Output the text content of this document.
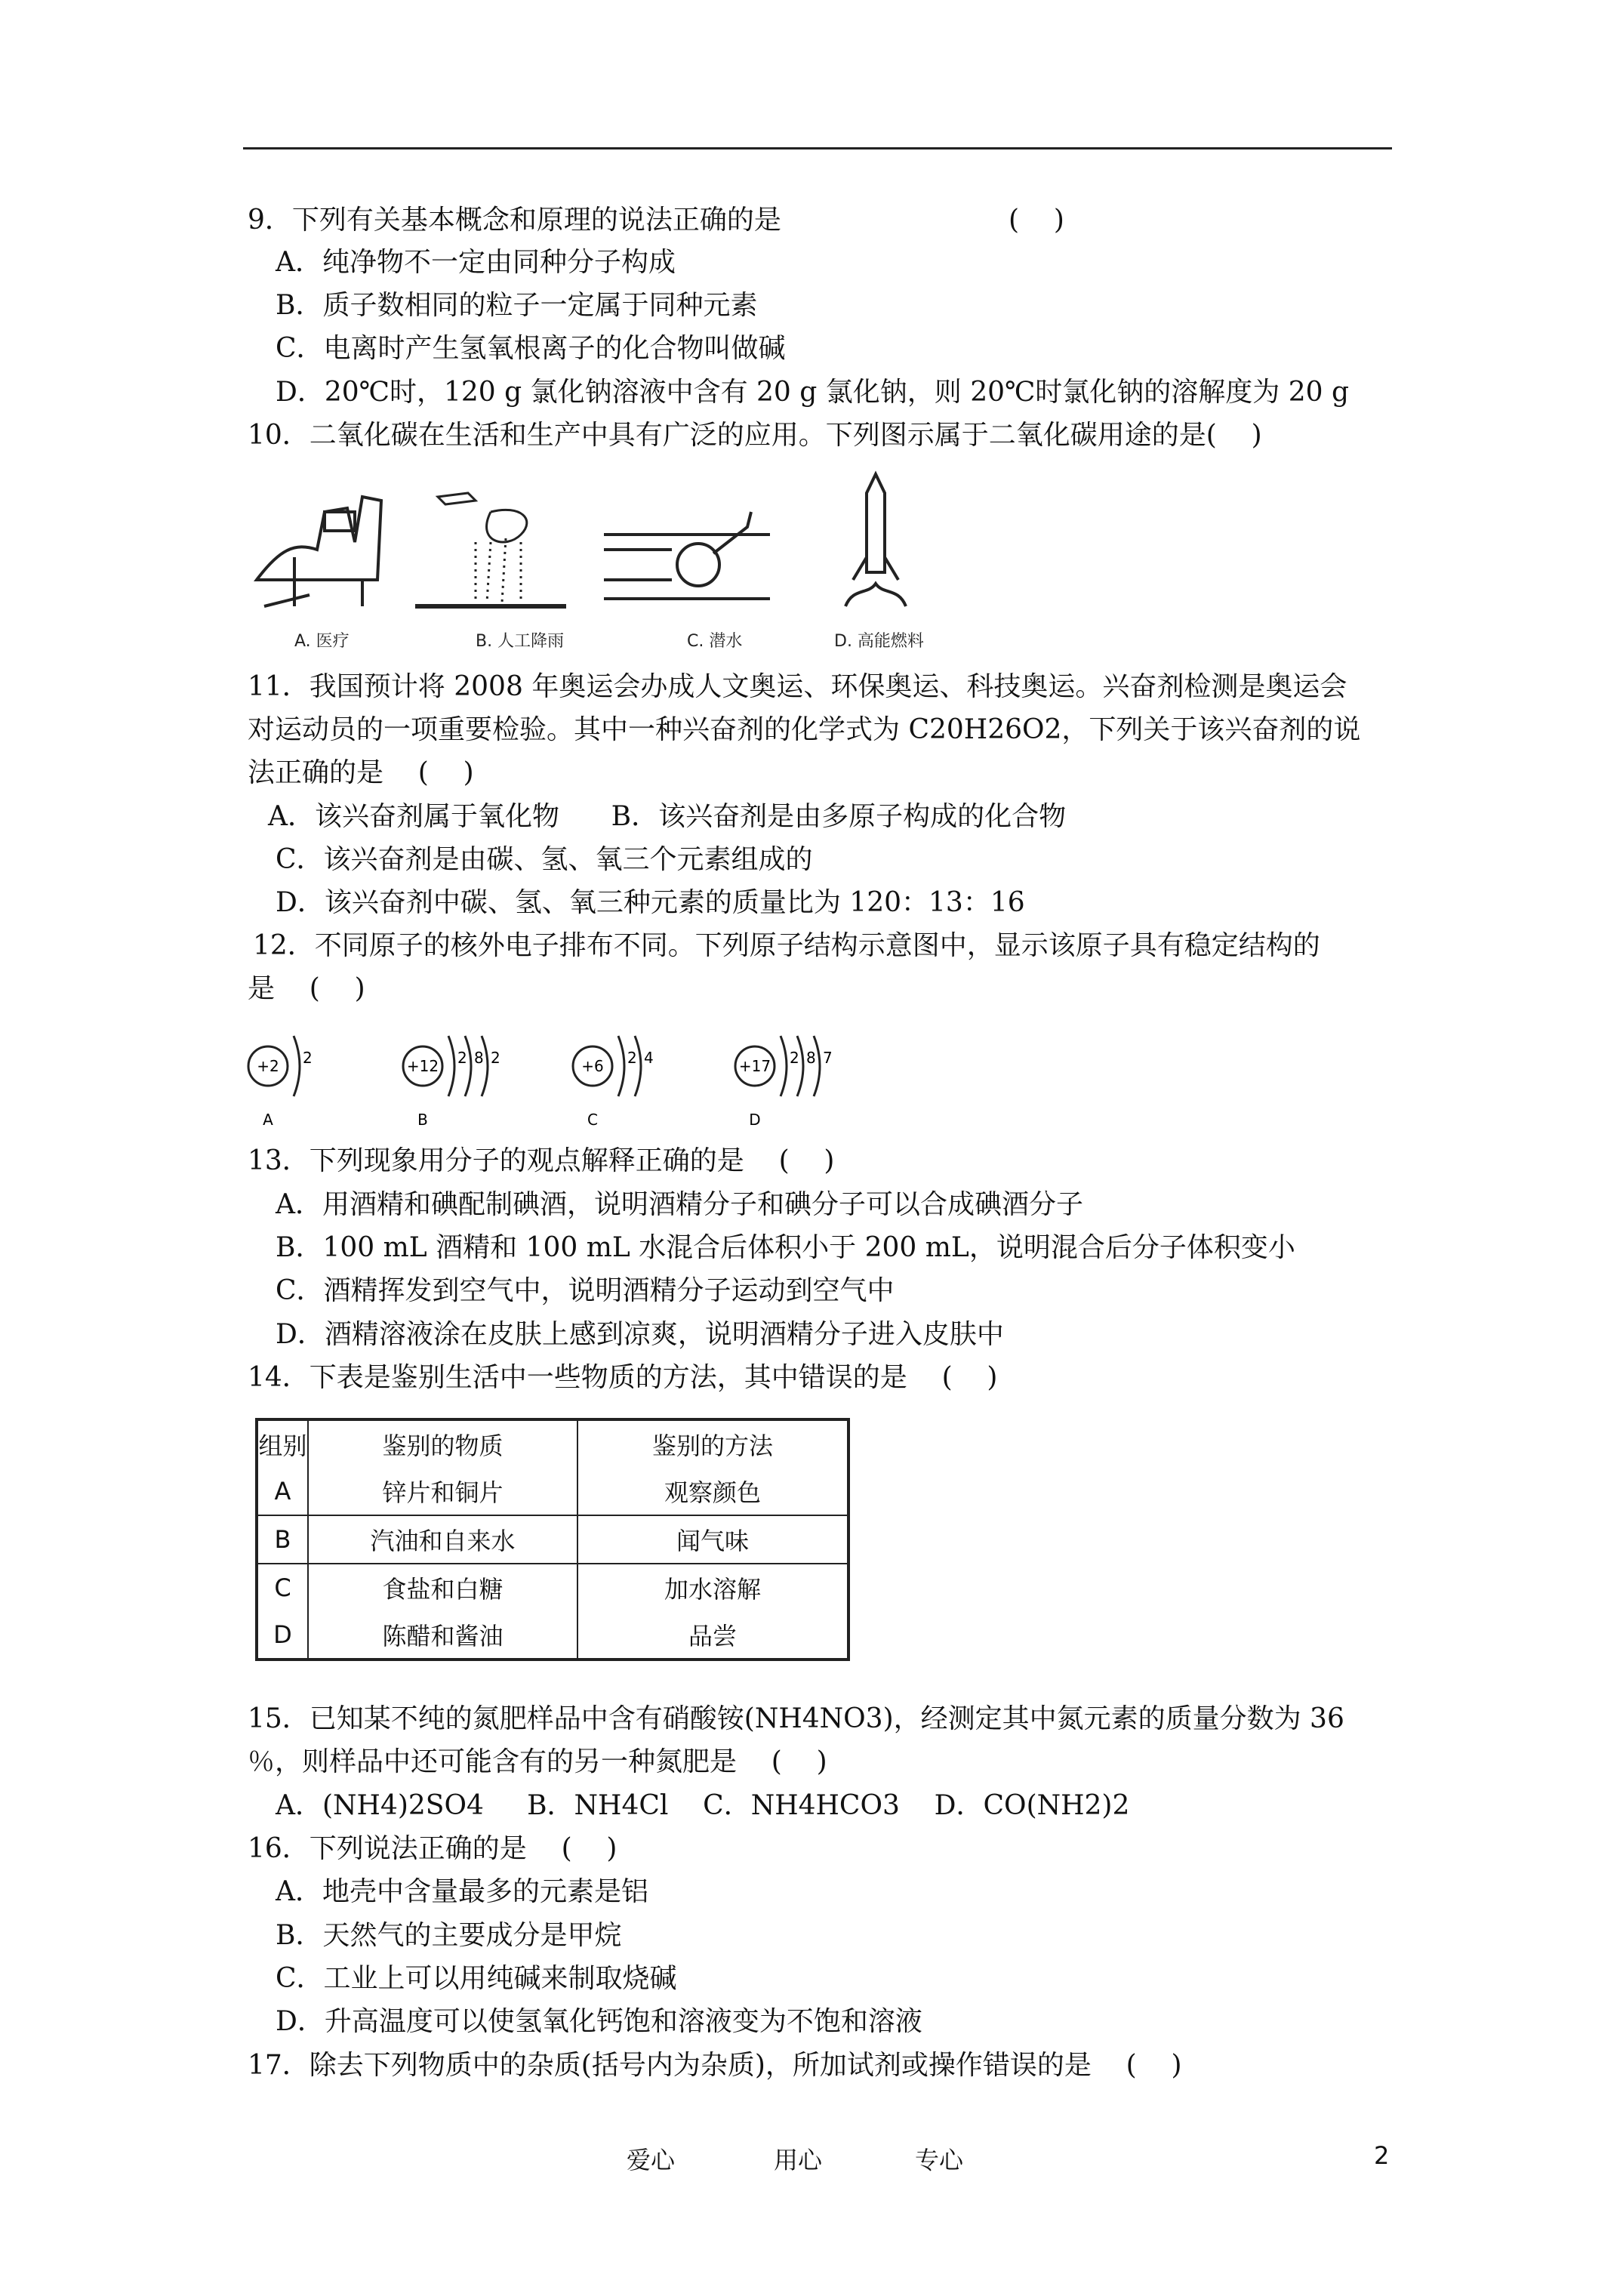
9．下列有关基本概念和原理的说法正确的是	(    )
A．纯净物不一定由同种分子构成
B．质子数相同的粒子一定属于同种元素
C．电离时产生氢氧根离子的化合物叫做碱
D．20℃时，120 g 氯化钠溶液中含有 20 g 氯化钠，则 20℃时氯化钠的溶解度为 20 g
10．二氧化碳在生活和生产中具有广泛的应用。下列图示属于二氧化碳用途的是(    )
A. 医疗	B. 人工降雨	C. 潜水	D. 高能燃料
11．我国预计将 2008 年奥运会办成人文奥运、环保奥运、科技奥运。兴奋剂检测是奥运会
对运动员的一项重要检验。其中一种兴奋剂的化学式为 C20H26O2，下列关于该兴奋剂的说
法正确的是    (    )
A．该兴奋剂属于氧化物      B．该兴奋剂是由多原子构成的化合物
C．该兴奋剂是由碳、氢、氧三个元素组成的
D．该兴奋剂中碳、氢、氧三种元素的质量比为 120：13：16
12．不同原子的核外电子排布不同。下列原子结构示意图中，显示该原子具有稳定结构的
是    (    )
+2 2
A
+12 2 8 2
B
+6 2 4
C
+17 2 8 7
D
13．下列现象用分子的观点解释正确的是    (    )
A．用酒精和碘配制碘酒，说明酒精分子和碘分子可以合成碘酒分子
B．100 mL 酒精和 100 mL 水混合后体积小于 200 mL，说明混合后分子体积变小
C．酒精挥发到空气中，说明酒精分子运动到空气中
D．酒精溶液涂在皮肤上感到凉爽，说明酒精分子进入皮肤中
14．下表是鉴别生活中一些物质的方法，其中错误的是    (    )
组别	鉴别的物质	鉴别的方法
A	锌片和铜片	观察颜色
B	汽油和自来水	闻气味
C	食盐和白糖	加水溶解
D	陈醋和酱油	品尝
15．已知某不纯的氮肥样品中含有硝酸铵(NH4NO3)，经测定其中氮元素的质量分数为 36
％，则样品中还可能含有的另一种氮肥是    (    )
A．(NH4)2SO4     B．NH4Cl    C．NH4HCO3    D．CO(NH2)2
16．下列说法正确的是    (    )
A．地壳中含量最多的元素是铝
B．天然气的主要成分是甲烷
C．工业上可以用纯碱来制取烧碱
D．升高温度可以使氢氧化钙饱和溶液变为不饱和溶液
17．除去下列物质中的杂质(括号内为杂质)，所加试剂或操作错误的是    (    )
爱心	用心	专心	2
